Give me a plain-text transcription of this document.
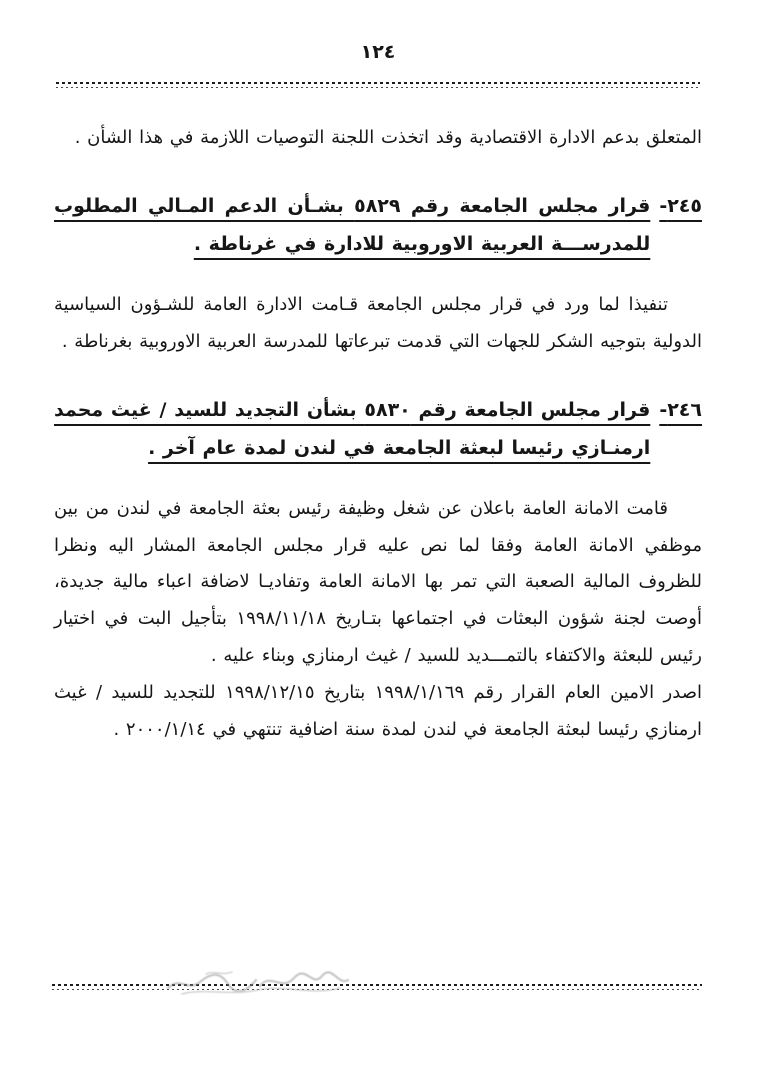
١٢٤

المتعلق بدعم الادارة الاقتصادية وقد اتخذت اللجنة التوصيات اللازمة في هذا الشأن .

٢٤٥-
قرار مجلس الجامعة رقم ٥٨٢٩ بشـأن الدعم المـالي المطلوب للمدرســـة العربية الاوروبية للادارة في غرناطة .

تنفيذا لما ورد في قرار مجلس الجامعة قـامت الادارة العامة للشـؤون السياسية الدولية بتوجيه الشكر للجهات التي قدمت تبرعاتها للمدرسة العربية الاوروبية بغرناطة .

٢٤٦-
قرار مجلس الجامعة رقم ٥٨٣٠ بشأن التجديد للسيد / غيث محمد ارمنـازي رئيسا لبعثة الجامعة في لندن لمدة عام آخر .

قامت الامانة العامة باعلان عن شغل وظيفة رئيس بعثة الجامعة في لندن من بين موظفي الامانة العامة وفقا لما نص عليه قرار مجلس الجامعة المشار اليه ونظرا للظروف المالية الصعبة التي تمر بها الامانة العامة وتفاديـا لاضافة اعباء مالية جديدة، أوصت لجنة شؤون البعثات في اجتماعها بتـاريخ ١٩٩٨/١١/١٨ بتأجيل البت في اختيار رئيس للبعثة والاكتفاء بالتمـــديد للسيد / غيث ارمنازي وبناء عليه .

اصدر الامين العام القرار رقم ١٩٩٨/١/١٦٩ بتاريخ ١٩٩٨/١٢/١٥ للتجديد للسيد / غيث ارمنازي رئيسا لبعثة الجامعة في لندن لمدة سنة اضافية تنتهي في ٢٠٠٠/١/١٤ .
